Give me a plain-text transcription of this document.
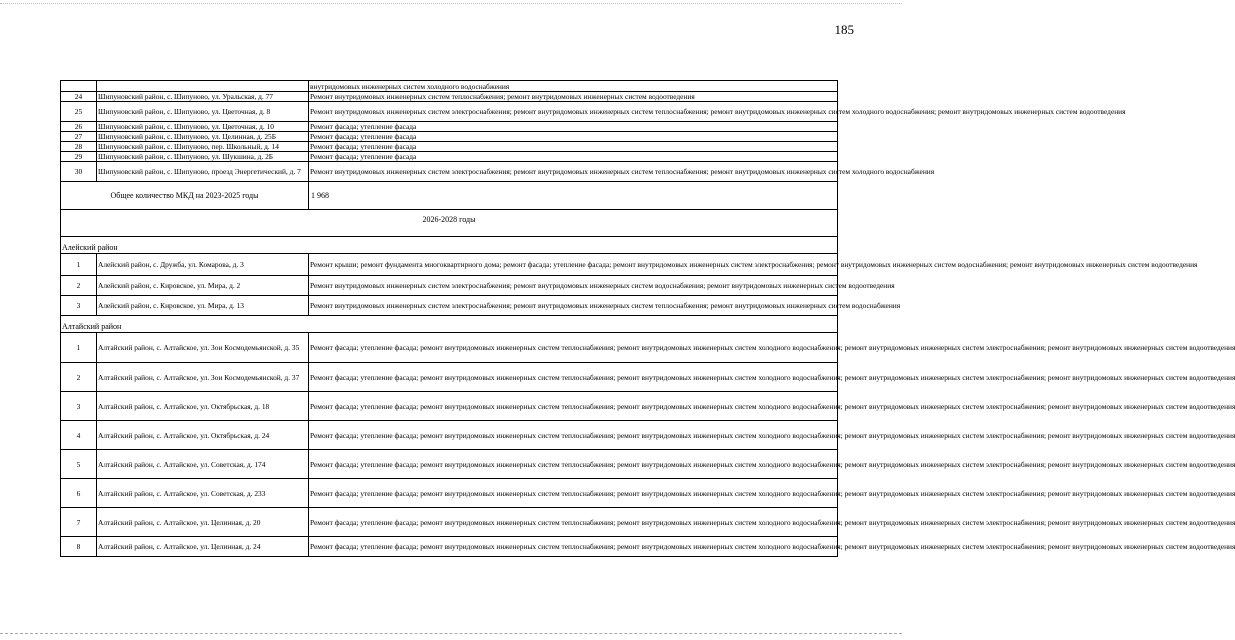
185
		внутридомовых инженерных систем холодного водоснабжения
24	Шипуновский район, с. Шипуново, ул. Уральская, д. 77	Ремонт внутридомовых инженерных систем теплоснабжения; ремонт внутридомовых инженерных систем водоотведения
25	Шипуновский район, с. Шипуново, ул. Цветочная, д. 8	Ремонт внутридомовых инженерных систем электроснабжения; ремонт внутридомовых инженерных систем теплоснабжения; ремонт внутридомовых инженерных систем холодного водоснабжения; ремонт внутридомовых инженерных систем водоотведения
26	Шипуновский район, с. Шипуново, ул. Цветочная, д. 10	Ремонт фасада; утепление фасада
27	Шипуновский район, с. Шипуново, ул. Целинная, д. 25Б	Ремонт фасада; утепление фасада
28	Шипуновский район, с. Шипуново, пер. Школьный, д. 14	Ремонт фасада; утепление фасада
29	Шипуновский район, с. Шипуново, ул. Шукшина, д. 2Б	Ремонт фасада; утепление фасада
30	Шипуновский район, с. Шипуново, проезд Энергетический, д. 7	Ремонт внутридомовых инженерных систем электроснабжения; ремонт внутридомовых инженерных систем теплоснабжения; ремонт внутридомовых инженерных систем холодного водоснабжения
Общее количество МКД на 2023-2025 годы		1 968
2026-2028 годы		
Алейский район		
1	Алейский район, с. Дружба, ул. Комарова, д. 3	Ремонт крыши; ремонт фундамента многоквартирного дома; ремонт фасада; утепление фасада; ремонт внутридомовых инженерных систем электроснабжения; ремонт внутридомовых инженерных систем водоснабжения; ремонт внутридомовых инженерных систем водоотведения
2	Алейский район, с. Кировское, ул. Мира, д. 2	Ремонт внутридомовых инженерных систем электроснабжения; ремонт внутридомовых инженерных систем водоснабжения; ремонт внутридомовых инженерных систем водоотведения
3	Алейский район, с. Кировское, ул. Мира, д. 13	Ремонт внутридомовых инженерных систем электроснабжения; ремонт внутридомовых инженерных систем теплоснабжения; ремонт внутридомовых инженерных систем водоснабжения
Алтайский район		
1	Алтайский район, с. Алтайское, ул. Зои Космодемьянской, д. 35	Ремонт фасада; утепление фасада; ремонт внутридомовых инженерных систем теплоснабжения; ремонт внутридомовых инженерных систем холодного водоснабжения; ремонт внутридомовых инженерных систем электроснабжения; ремонт внутридомовых инженерных систем водоотведения
2	Алтайский район, с. Алтайское, ул. Зои Космодемьянской, д. 37	Ремонт фасада; утепление фасада; ремонт внутридомовых инженерных систем теплоснабжения; ремонт внутридомовых инженерных систем холодного водоснабжения; ремонт внутридомовых инженерных систем электроснабжения; ремонт внутридомовых инженерных систем водоотведения
3	Алтайский район, с. Алтайское, ул. Октябрьская, д. 18	Ремонт фасада; утепление фасада; ремонт внутридомовых инженерных систем теплоснабжения; ремонт внутридомовых инженерных систем холодного водоснабжения; ремонт внутридомовых инженерных систем электроснабжения; ремонт внутридомовых инженерных систем водоотведения
4	Алтайский район, с. Алтайское, ул. Октябрьская, д. 24	Ремонт фасада; утепление фасада; ремонт внутридомовых инженерных систем теплоснабжения; ремонт внутридомовых инженерных систем холодного водоснабжения; ремонт внутридомовых инженерных систем электроснабжения; ремонт внутридомовых инженерных систем водоотведения
5	Алтайский район, с. Алтайское, ул. Советская, д. 174	Ремонт фасада; утепление фасада; ремонт внутридомовых инженерных систем теплоснабжения; ремонт внутридомовых инженерных систем холодного водоснабжения; ремонт внутридомовых инженерных систем электроснабжения; ремонт внутридомовых инженерных систем водоотведения
6	Алтайский район, с. Алтайское, ул. Советская, д. 233	Ремонт фасада; утепление фасада; ремонт внутридомовых инженерных систем теплоснабжения; ремонт внутридомовых инженерных систем холодного водоснабжения; ремонт внутридомовых инженерных систем электроснабжения; ремонт внутридомовых инженерных систем водоотведения
7	Алтайский район, с. Алтайское, ул. Целинная, д. 20	Ремонт фасада; утепление фасада; ремонт внутридомовых инженерных систем теплоснабжения; ремонт внутридомовых инженерных систем холодного водоснабжения; ремонт внутридомовых инженерных систем электроснабжения; ремонт внутридомовых инженерных систем водоотведения
8	Алтайский район, с. Алтайское, ул. Целинная, д. 24	Ремонт фасада; утепление фасада; ремонт внутридомовых инженерных систем теплоснабжения; ремонт внутридомовых инженерных систем холодного водоснабжения; ремонт внутридомовых инженерных систем электроснабжения; ремонт внутридомовых инженерных систем водоотведения
